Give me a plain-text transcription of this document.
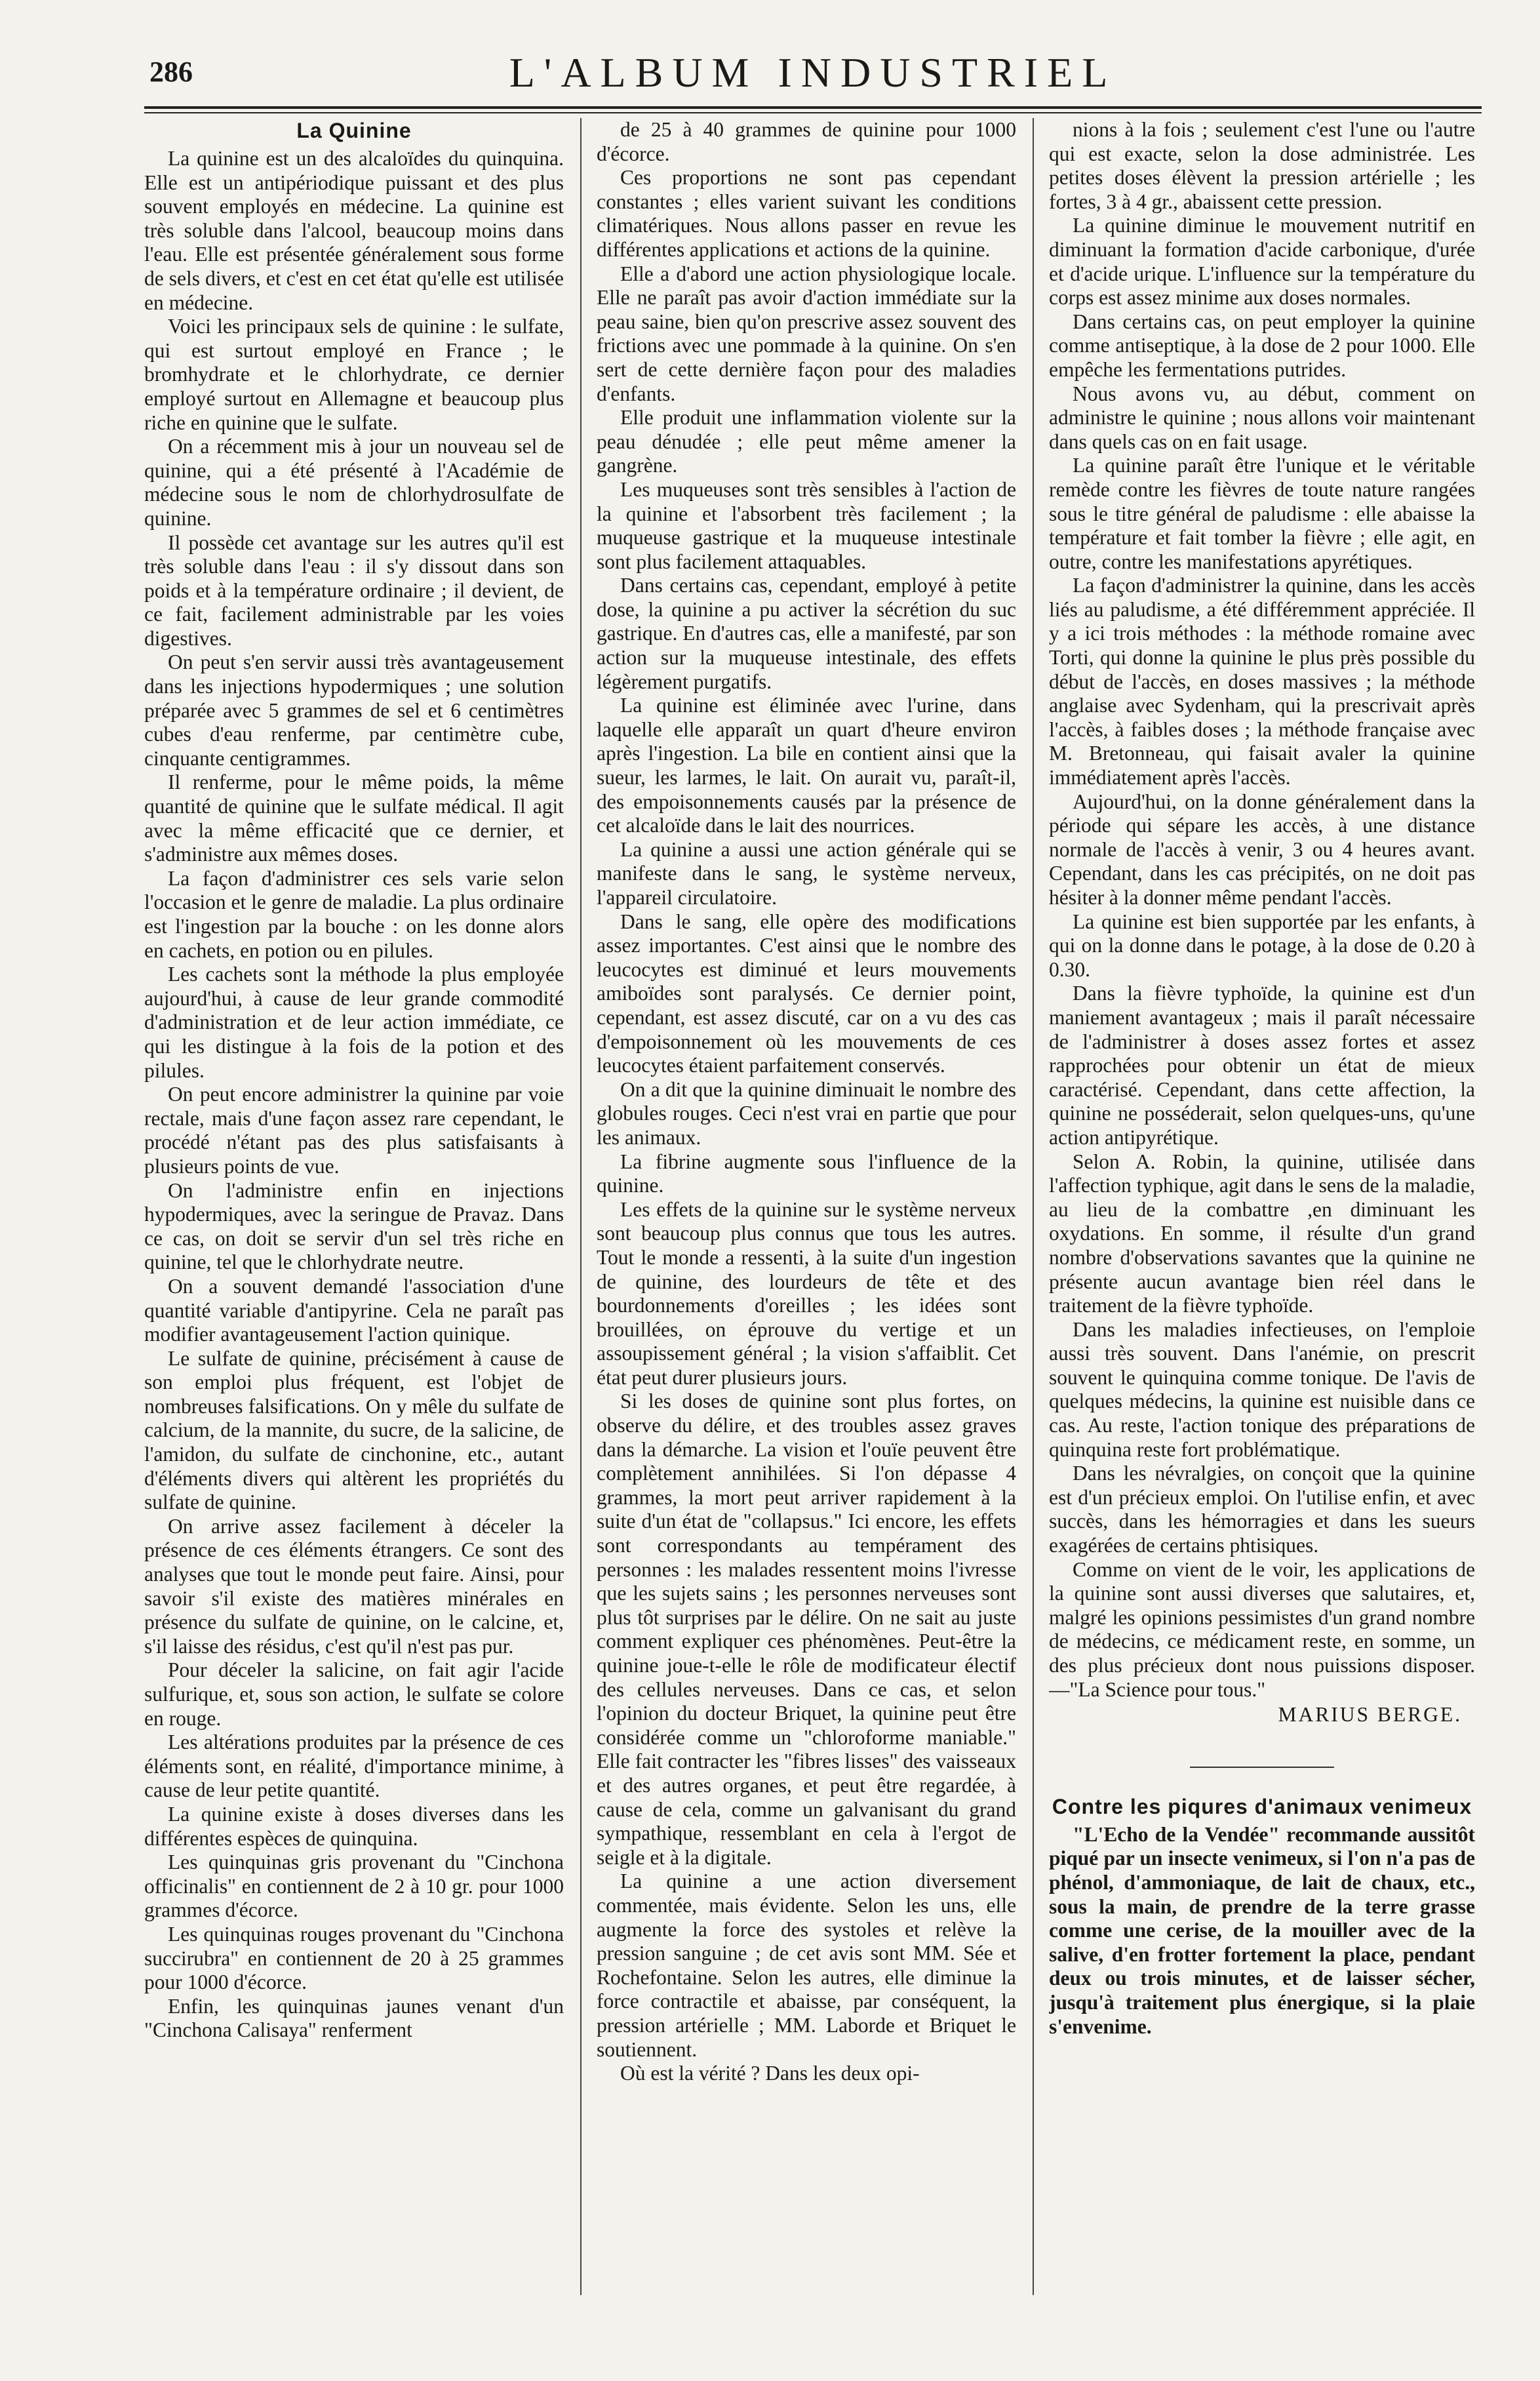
286	L'ALBUM INDUSTRIEL
La Quinine

La quinine est un des alcaloïdes du quinquina. Elle est un antipériodique puissant et des plus souvent employés en médecine. La quinine est très soluble dans l'alcool, beaucoup moins dans l'eau. Elle est présentée généralement sous forme de sels divers, et c'est en cet état qu'elle est utilisée en médecine.

Voici les principaux sels de quinine : le sulfate, qui est surtout employé en France ; le bromhydrate et le chlorhydrate, ce dernier employé surtout en Allemagne et beaucoup plus riche en quinine que le sulfate.

On a récemment mis à jour un nouveau sel de quinine, qui a été présenté à l'Académie de médecine sous le nom de chlorhydrosulfate de quinine.

Il possède cet avantage sur les autres qu'il est très soluble dans l'eau : il s'y dissout dans son poids et à la température ordinaire ; il devient, de ce fait, facilement administrable par les voies digestives.

On peut s'en servir aussi très avantageusement dans les injections hypodermiques ; une solution préparée avec 5 grammes de sel et 6 centimètres cubes d'eau renferme, par centimètre cube, cinquante centigrammes.

Il renferme, pour le même poids, la même quantité de quinine que le sulfate médical. Il agit avec la même efficacité que ce dernier, et s'administre aux mêmes doses.

La façon d'administrer ces sels varie selon l'occasion et le genre de maladie. La plus ordinaire est l'ingestion par la bouche : on les donne alors en cachets, en potion ou en pilules.

Les cachets sont la méthode la plus employée aujourd'hui, à cause de leur grande commodité d'administration et de leur action immédiate, ce qui les distingue à la fois de la potion et des pilules.

On peut encore administrer la quinine par voie rectale, mais d'une façon assez rare cependant, le procédé n'étant pas des plus satisfaisants à plusieurs points de vue.

On l'administre enfin en injections hypodermiques, avec la seringue de Pravaz. Dans ce cas, on doit se servir d'un sel très riche en quinine, tel que le chlorhydrate neutre.

On a souvent demandé l'association d'une quantité variable d'antipyrine. Cela ne paraît pas modifier avantageusement l'action quinique.

Le sulfate de quinine, précisément à cause de son emploi plus fréquent, est l'objet de nombreuses falsifications. On y mêle du sulfate de calcium, de la mannite, du sucre, de la salicine, de l'amidon, du sulfate de cinchonine, etc., autant d'éléments divers qui altèrent les propriétés du sulfate de quinine.

On arrive assez facilement à déceler la présence de ces éléments étrangers. Ce sont des analyses que tout le monde peut faire. Ainsi, pour savoir s'il existe des matières minérales en présence du sulfate de quinine, on le calcine, et, s'il laisse des résidus, c'est qu'il n'est pas pur.

Pour déceler la salicine, on fait agir l'acide sulfurique, et, sous son action, le sulfate se colore en rouge.

Les altérations produites par la présence de ces éléments sont, en réalité, d'importance minime, à cause de leur petite quantité.

La quinine existe à doses diverses dans les différentes espèces de quinquina.

Les quinquinas gris provenant du "Cinchona officinalis" en contiennent de 2 à 10 gr. pour 1000 grammes d'écorce.

Les quinquinas rouges provenant du "Cinchona succirubra" en contiennent de 20 à 25 grammes pour 1000 d'écorce.

Enfin, les quinquinas jaunes venant d'un "Cinchona Calisaya" renferment

de 25 à 40 grammes de quinine pour 1000 d'écorce.

Ces proportions ne sont pas cependant constantes ; elles varient suivant les conditions climatériques. Nous allons passer en revue les différentes applications et actions de la quinine.

Elle a d'abord une action physiologique locale. Elle ne paraît pas avoir d'action immédiate sur la peau saine, bien qu'on prescrive assez souvent des frictions avec une pommade à la quinine. On s'en sert de cette dernière façon pour des maladies d'enfants.

Elle produit une inflammation violente sur la peau dénudée ; elle peut même amener la gangrène.

Les muqueuses sont très sensibles à l'action de la quinine et l'absorbent très facilement ; la muqueuse gastrique et la muqueuse intestinale sont plus facilement attaquables.

Dans certains cas, cependant, employé à petite dose, la quinine a pu activer la sécrétion du suc gastrique. En d'autres cas, elle a manifesté, par son action sur la muqueuse intestinale, des effets légèrement purgatifs.

La quinine est éliminée avec l'urine, dans laquelle elle apparaît un quart d'heure environ après l'ingestion. La bile en contient ainsi que la sueur, les larmes, le lait. On aurait vu, paraît-il, des empoisonnements causés par la présence de cet alcaloïde dans le lait des nourrices.

La quinine a aussi une action générale qui se manifeste dans le sang, le système nerveux, l'appareil circulatoire.

Dans le sang, elle opère des modifications assez importantes. C'est ainsi que le nombre des leucocytes est diminué et leurs mouvements amiboïdes sont paralysés. Ce dernier point, cependant, est assez discuté, car on a vu des cas d'empoisonnement où les mouvements de ces leucocytes étaient parfaitement conservés.

On a dit que la quinine diminuait le nombre des globules rouges. Ceci n'est vrai en partie que pour les animaux.

La fibrine augmente sous l'influence de la quinine.

Les effets de la quinine sur le système nerveux sont beaucoup plus connus que tous les autres. Tout le monde a ressenti, à la suite d'un ingestion de quinine, des lourdeurs de tête et des bourdonnements d'oreilles ; les idées sont brouillées, on éprouve du vertige et un assoupissement général ; la vision s'affaiblit. Cet état peut durer plusieurs jours.

Si les doses de quinine sont plus fortes, on observe du délire, et des troubles assez graves dans la démarche. La vision et l'ouïe peuvent être complètement annihilées. Si l'on dépasse 4 grammes, la mort peut arriver rapidement à la suite d'un état de "collapsus." Ici encore, les effets sont correspondants au tempérament des personnes : les malades ressentent moins l'ivresse que les sujets sains ; les personnes nerveuses sont plus tôt surprises par le délire. On ne sait au juste comment expliquer ces phénomènes. Peut-être la quinine joue-t-elle le rôle de modificateur électif des cellules nerveuses. Dans ce cas, et selon l'opinion du docteur Briquet, la quinine peut être considérée comme un "chloroforme maniable." Elle fait contracter les "fibres lisses" des vaisseaux et des autres organes, et peut être regardée, à cause de cela, comme un galvanisant du grand sympathique, ressemblant en cela à l'ergot de seigle et à la digitale.

La quinine a une action diversement commentée, mais évidente. Selon les uns, elle augmente la force des systoles et relève la pression sanguine ; de cet avis sont MM. Sée et Rochefontaine. Selon les autres, elle diminue la force contractile et abaisse, par conséquent, la pression artérielle ; MM. Laborde et Briquet le soutiennent.

Où est la vérité ? Dans les deux opi-

nions à la fois ; seulement c'est l'une ou l'autre qui est exacte, selon la dose administrée. Les petites doses élèvent la pression artérielle ; les fortes, 3 à 4 gr., abaissent cette pression.

La quinine diminue le mouvement nutritif en diminuant la formation d'acide carbonique, d'urée et d'acide urique. L'influence sur la température du corps est assez minime aux doses normales.

Dans certains cas, on peut employer la quinine comme antiseptique, à la dose de 2 pour 1000. Elle empêche les fermentations putrides.

Nous avons vu, au début, comment on administre le quinine ; nous allons voir maintenant dans quels cas on en fait usage.

La quinine paraît être l'unique et le véritable remède contre les fièvres de toute nature rangées sous le titre général de paludisme : elle abaisse la température et fait tomber la fièvre ; elle agit, en outre, contre les manifestations apyrétiques.

La façon d'administrer la quinine, dans les accès liés au paludisme, a été différemment appréciée. Il y a ici trois méthodes : la méthode romaine avec Torti, qui donne la quinine le plus près possible du début de l'accès, en doses massives ; la méthode anglaise avec Sydenham, qui la prescrivait après l'accès, à faibles doses ; la méthode française avec M. Bretonneau, qui faisait avaler la quinine immédiatement après l'accès.

Aujourd'hui, on la donne généralement dans la période qui sépare les accès, à une distance normale de l'accès à venir, 3 ou 4 heures avant. Cependant, dans les cas précipités, on ne doit pas hésiter à la donner même pendant l'accès.

La quinine est bien supportée par les enfants, à qui on la donne dans le potage, à la dose de 0.20 à 0.30.

Dans la fièvre typhoïde, la quinine est d'un maniement avantageux ; mais il paraît nécessaire de l'administrer à doses assez fortes et assez rapprochées pour obtenir un état de mieux caractérisé. Cependant, dans cette affection, la quinine ne posséderait, selon quelques-uns, qu'une action antipyrétique.

Selon A. Robin, la quinine, utilisée dans l'affection typhique, agit dans le sens de la maladie, au lieu de la combattre ,en diminuant les oxydations. En somme, il résulte d'un grand nombre d'observations savantes que la quinine ne présente aucun avantage bien réel dans le traitement de la fièvre typhoïde.

Dans les maladies infectieuses, on l'emploie aussi très souvent. Dans l'anémie, on prescrit souvent le quinquina comme tonique. De l'avis de quelques médecins, la quinine est nuisible dans ce cas. Au reste, l'action tonique des préparations de quinquina reste fort problématique.

Dans les névralgies, on conçoit que la quinine est d'un précieux emploi. On l'utilise enfin, et avec succès, dans les hémorragies et dans les sueurs exagérées de certains phtisiques.

Comme on vient de le voir, les applications de la quinine sont aussi diverses que salutaires, et, malgré les opinions pessimistes d'un grand nombre de médecins, ce médicament reste, en somme, un des plus précieux dont nous puissions disposer.—"La Science pour tous."

MARIUS BERGE.
Contre les piqures d'animaux venimeux

"L'Echo de la Vendée" recommande aussitôt piqué par un insecte venimeux, si l'on n'a pas de phénol, d'ammoniaque, de lait de chaux, etc., sous la main, de prendre de la terre grasse comme une cerise, de la mouiller avec de la salive, d'en frotter fortement la place, pendant deux ou trois minutes, et de laisser sécher, jusqu'à traitement plus énergique, si la plaie s'envenime.
